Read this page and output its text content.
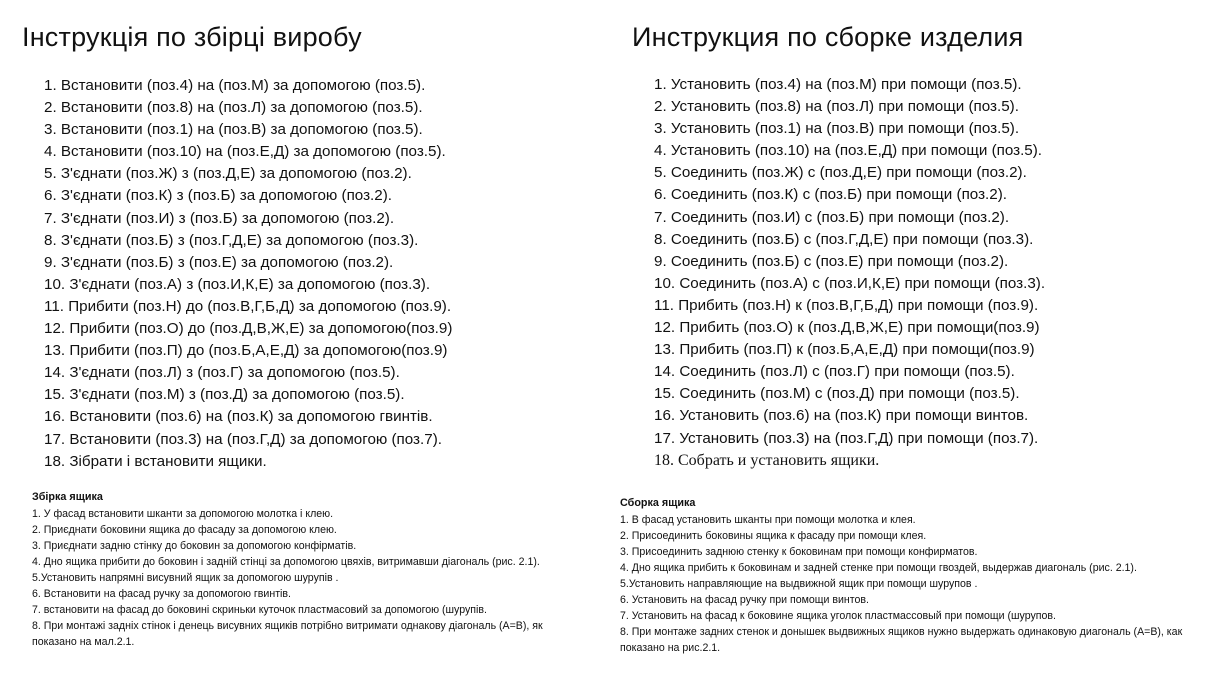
Інструкція по збірці виробу
1. Встановити (поз.4) на (поз.М) за допомогою (поз.5).
2. Встановити (поз.8) на (поз.Л) за допомогою (поз.5).
3. Встановити (поз.1) на (поз.В) за допомогою (поз.5).
4. Встановити (поз.10) на (поз.Е,Д) за допомогою (поз.5).
5. З'єднати (поз.Ж) з (поз.Д,Е) за допомогою (поз.2).
6. З'єднати (поз.К) з (поз.Б) за допомогою (поз.2).
7. З'єднати (поз.И) з (поз.Б) за допомогою (поз.2).
8. З'єднати (поз.Б) з (поз.Г,Д,Е) за допомогою (поз.3).
9. З'єднати (поз.Б) з (поз.Е) за допомогою (поз.2).
10. З'єднати (поз.А) з (поз.И,К,Е) за допомогою (поз.3).
11. Прибити (поз.Н) до (поз.В,Г,Б,Д) за допомогою (поз.9).
12. Прибити (поз.О) до (поз.Д,В,Ж,Е) за допомогою(поз.9)
13. Прибити (поз.П) до (поз.Б,А,Е,Д) за допомогою(поз.9)
14. З'єднати (поз.Л) з (поз.Г) за допомогою (поз.5).
15. З'єднати (поз.М) з (поз.Д) за допомогою (поз.5).
16. Встановити (поз.6) на (поз.К) за допомогою гвинтів.
17. Встановити (поз.3) на (поз.Г,Д) за допомогою (поз.7).
18. Зібрати і встановити ящики.
Збірка ящика

1. У фасад встановити шканти за допомогою молотка і клею.

2. Приєднати боковини ящика до фасаду за допомогою клею.

3. Приєднати задню стінку до боковин за допомогою конфірматів.

4. Дно ящика прибити до боковин і задній стінці за допомогою цвяхів, витримавши діагональ (рис. 2.1).

5.Установить напрямні висувний ящик за допомогою шурупів .

6. Встановити на фасад ручку за допомогою гвинтів.

7. встановити на фасад до боковині скриньки куточок пластмасовий за допомогою (шурупів.

8. При монтажі задніх стінок і денець висувних ящиків потрібно витримати однакову діагональ (А=В), як показано на мал.2.1.

Инструкция по сборке изделия
1. Установить (поз.4) на (поз.М) при помощи (поз.5).
2. Установить (поз.8) на (поз.Л) при помощи (поз.5).
3. Установить (поз.1) на (поз.В) при помощи (поз.5).
4. Установить (поз.10) на (поз.Е,Д) при помощи (поз.5).
5. Соединить (поз.Ж) с (поз.Д,Е) при помощи (поз.2).
6. Соединить (поз.К) с (поз.Б) при помощи (поз.2).
7. Соединить (поз.И) с (поз.Б) при помощи (поз.2).
8. Соединить (поз.Б) с (поз.Г,Д,Е) при помощи (поз.3).
9. Соединить (поз.Б) с (поз.Е) при помощи (поз.2).
10. Соединить (поз.А) с (поз.И,К,Е) при помощи (поз.3).
11. Прибить (поз.Н) к (поз.В,Г,Б,Д) при помощи (поз.9).
12. Прибить (поз.О) к (поз.Д,В,Ж,Е) при помощи(поз.9)
13. Прибить (поз.П) к (поз.Б,А,Е,Д) при помощи(поз.9)
14. Соединить (поз.Л) с (поз.Г) при помощи (поз.5).
15. Соединить (поз.М) с (поз.Д) при помощи (поз.5).
16. Установить (поз.6) на (поз.К) при помощи винтов.
17. Установить (поз.3) на (поз.Г,Д) при помощи (поз.7).
18. Собрать и установить ящики.
Сборка ящика

1. В фасад установить шканты при помощи молотка и клея.

2. Присоединить боковины ящика к фасаду при помощи клея.

3. Присоединить заднюю стенку к боковинам при помощи конфирматов.

4. Дно ящика прибить к боковинам и задней стенке при помощи гвоздей, выдержав диагональ (рис. 2.1).

5.Установить направляющие на выдвижной ящик при помощи шурупов .

6. Установить на фасад ручку при помощи винтов.

7. Установить на фасад к боковине ящика уголок пластмассовый при помощи (шурупов.

8. При монтаже задних стенок и донышек выдвижных ящиков нужно выдержать одинаковую диагональ (А=В), как показано на рис.2.1.
